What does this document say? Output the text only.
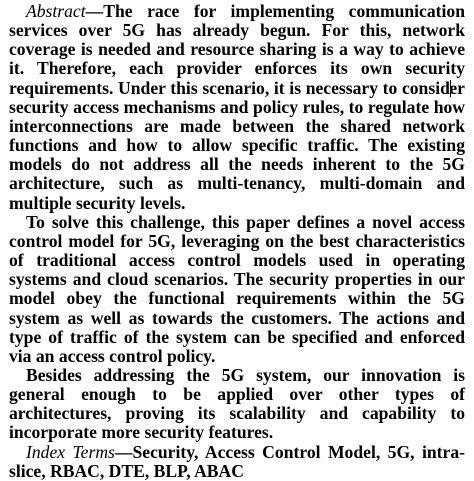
Abstract—The race for implementing communication services over 5G has already begun. For this, network coverage is needed and resource sharing is a way to achieve it. Therefore, each provider enforces its own security requirements. Under this scenario, it is necessary to consider security access mechanisms and policy rules, to regulate how interconnections are made between the shared network functions and how to allow specific traffic. The existing models do not address all the needs inherent to the 5G architecture, such as multi-tenancy, multi-domain and multiple security levels.

To solve this challenge, this paper defines a novel access control model for 5G, leveraging on the best characteristics of traditional access control models used in operating systems and cloud scenarios. The security properties in our model obey the functional requirements within the 5G system as well as towards the customers. The actions and type of traffic of the system can be specified and enforced via an access control policy.

Besides addressing the 5G system, our innovation is general enough to be applied over other types of architectures, proving its scalability and capability to incorporate more security features.

Index Terms—Security, Access Control Model, 5G, intra-slice, RBAC, DTE, BLP, ABAC
